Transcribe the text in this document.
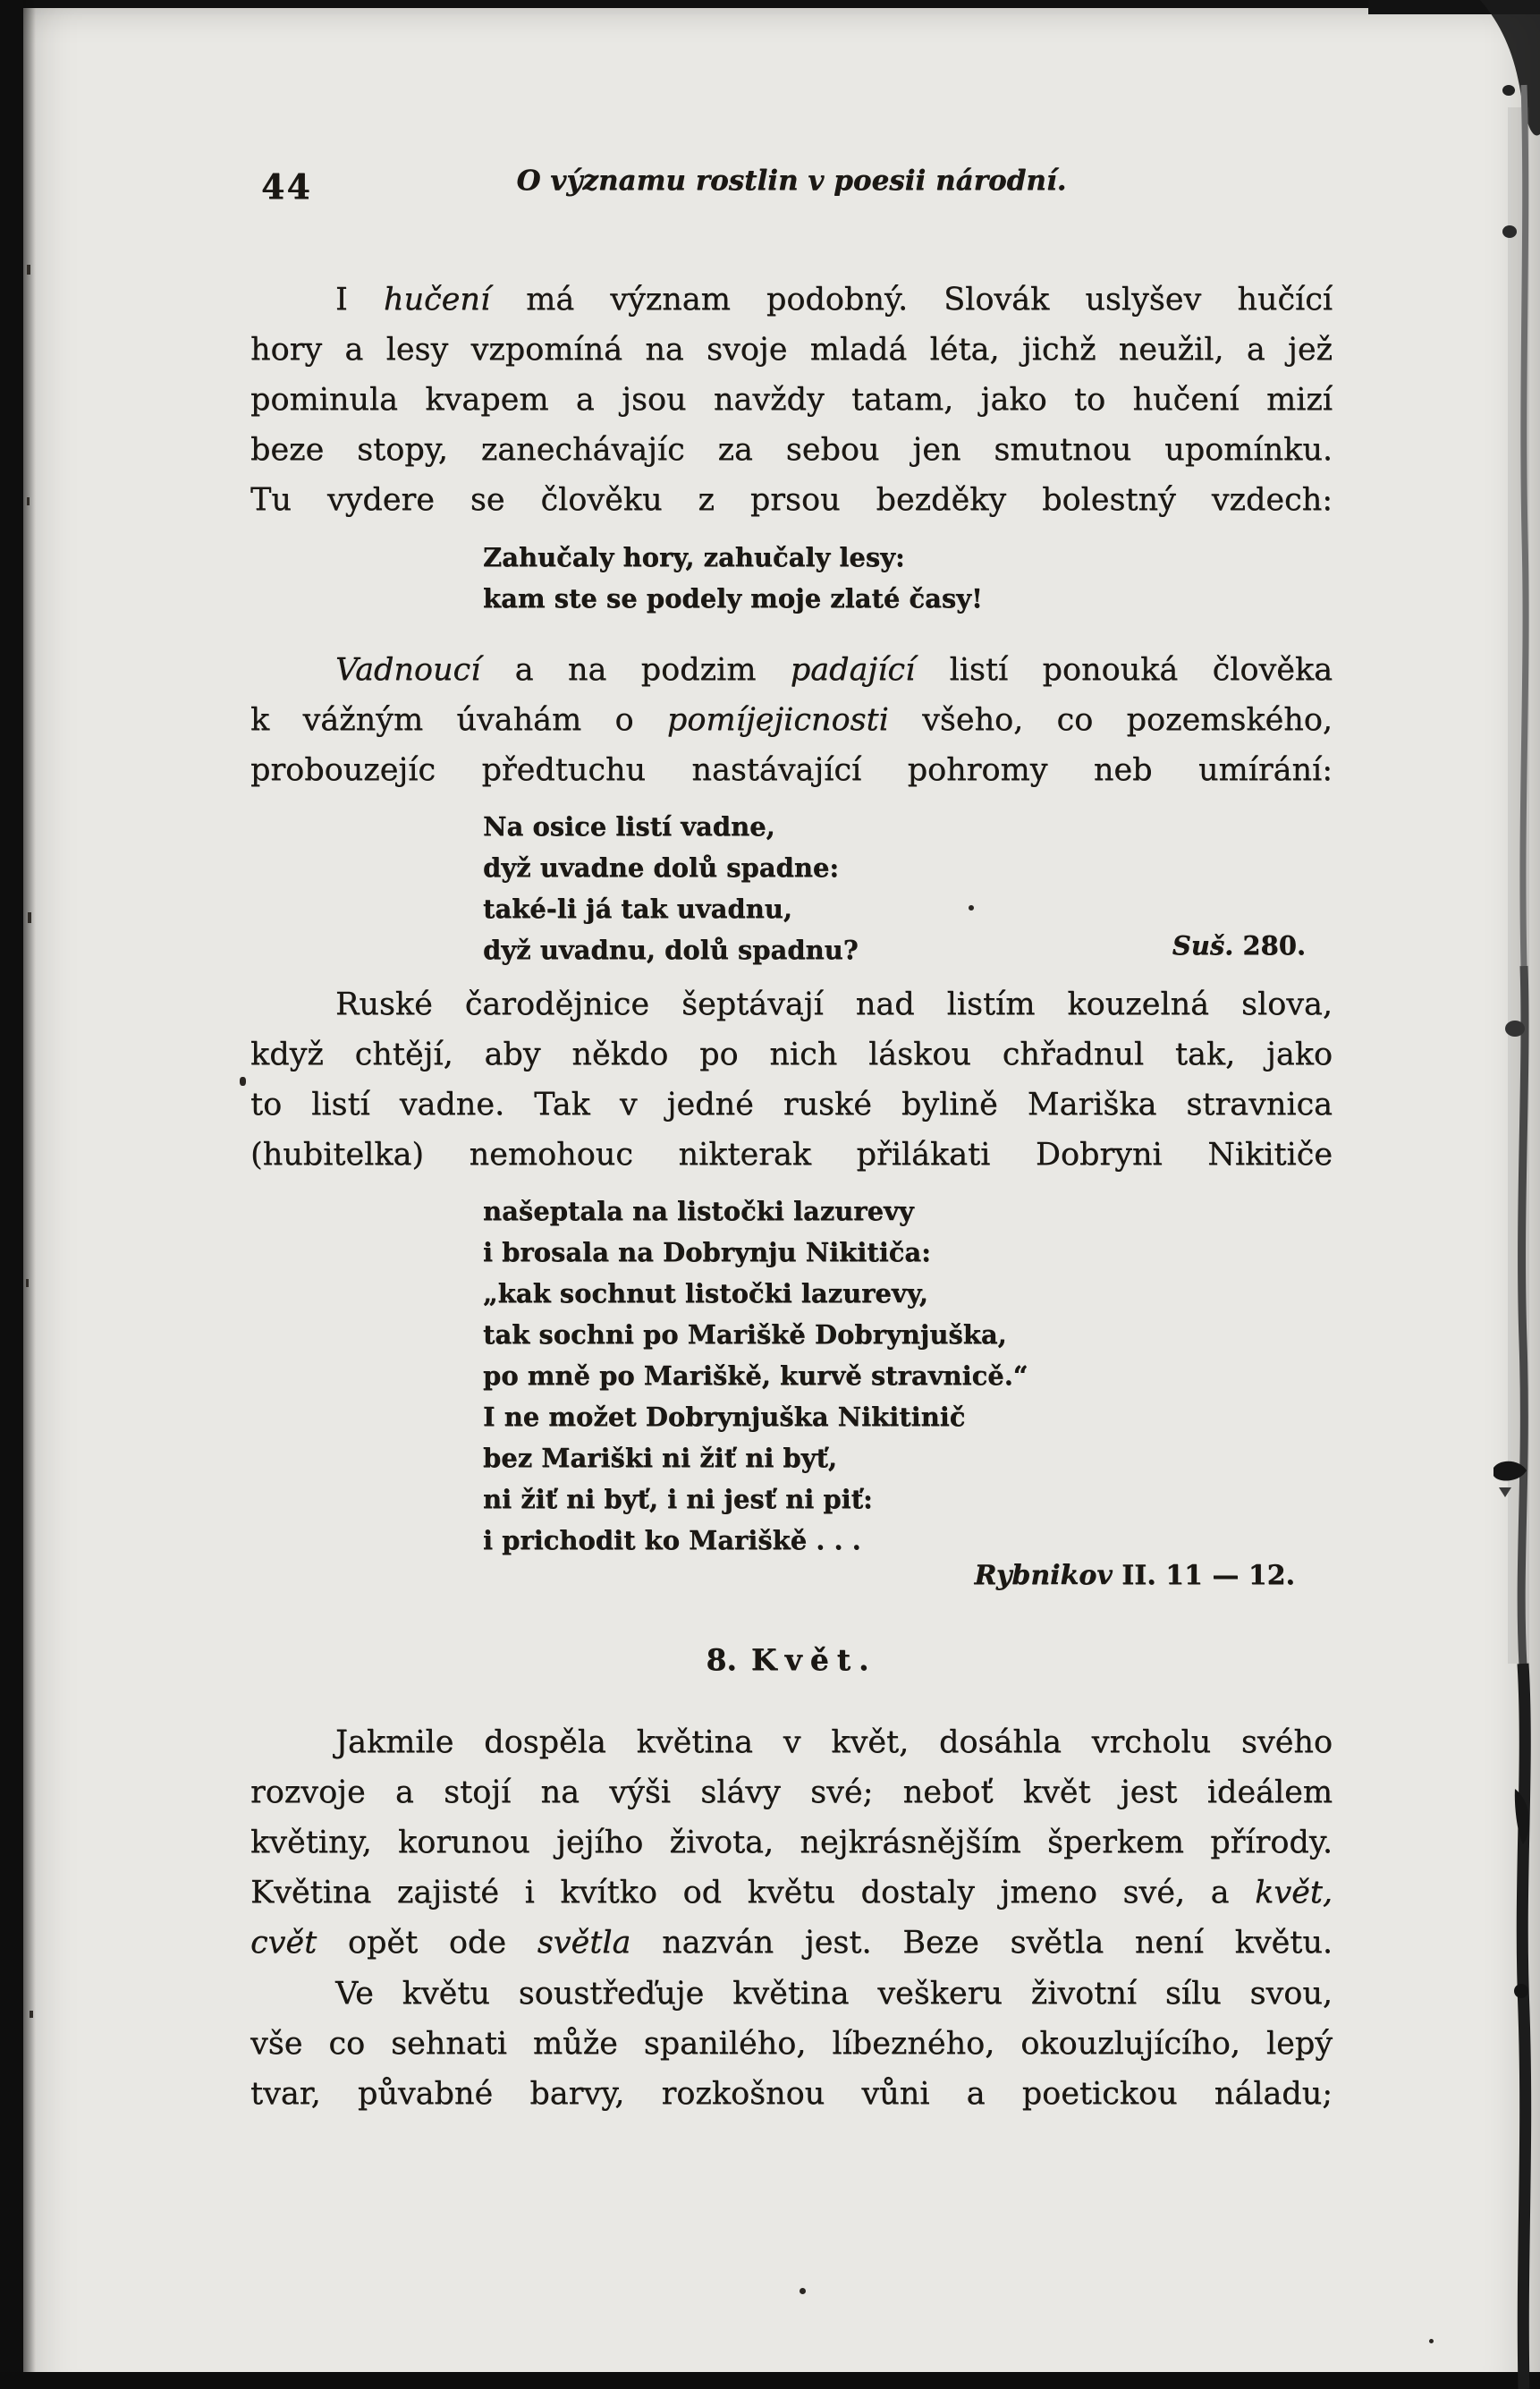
44	O významu rostlin v poesii národní.
I hučení má význam podobný. Slovák uslyšev hučící
hory a lesy vzpomíná na svoje mladá léta, jichž neužil, a jež
pominula kvapem a jsou navždy tatam, jako to hučení mizí
beze stopy, zanechávajíc za sebou jen smutnou upomínku.
Tu vydere se člověku z prsou bezděky bolestný vzdech:
Zahučaly hory, zahučaly lesy:
kam ste se podely moje zlaté časy!
Vadnoucí a na podzim padající listí ponouká člověka
k vážným úvahám o pomíjejicnosti všeho, co pozemského,
probouzejíc předtuchu nastávající pohromy neb umírání:
Suš. 280.
Na osice listí vadne,
dyž uvadne dolů spadne:
také-li já tak uvadnu,
dyž uvadnu, dolů spadnu?
Ruské čarodějnice šeptávají nad listím kouzelná slova,
když chtějí, aby někdo po nich láskou chřadnul tak, jako
to listí vadne. Tak v jedné ruské bylině Mariška stravnica
(hubitelka) nemohouc nikterak přilákati Dobryni Nikitiče
našeptala na listočki lazurevy
i brosala na Dobrynju Nikitiča:
„kak sochnut listočki lazurevy,
tak sochni po Mariškě Dobrynjuška,
po mně po Mariškě, kurvě stravnicě.“
I ne možet Dobrynjuška Nikitinič
bez Mariški ni žiť ni byť,
ni žiť ni byť, i ni jesť ni piť:
i prichodit ko Mariškě . . .
Rybnikov II. 11 — 12.
8. Květ.
Jakmile dospěla květina v květ, dosáhla vrcholu svého
rozvoje a stojí na výši slávy své; neboť květ jest ideálem
květiny, korunou jejího života, nejkrásnějším šperkem přírody.
Květina zajisté i kvítko od květu dostaly jmeno své, a květ,
cvět opět ode světla nazván jest. Beze světla není květu.
Ve květu soustřeďuje květina veškeru životní sílu svou,
vše co sehnati může spanilého, líbezného, okouzlujícího, lepý
tvar, půvabné barvy, rozkošnou vůni a poetickou náladu;
